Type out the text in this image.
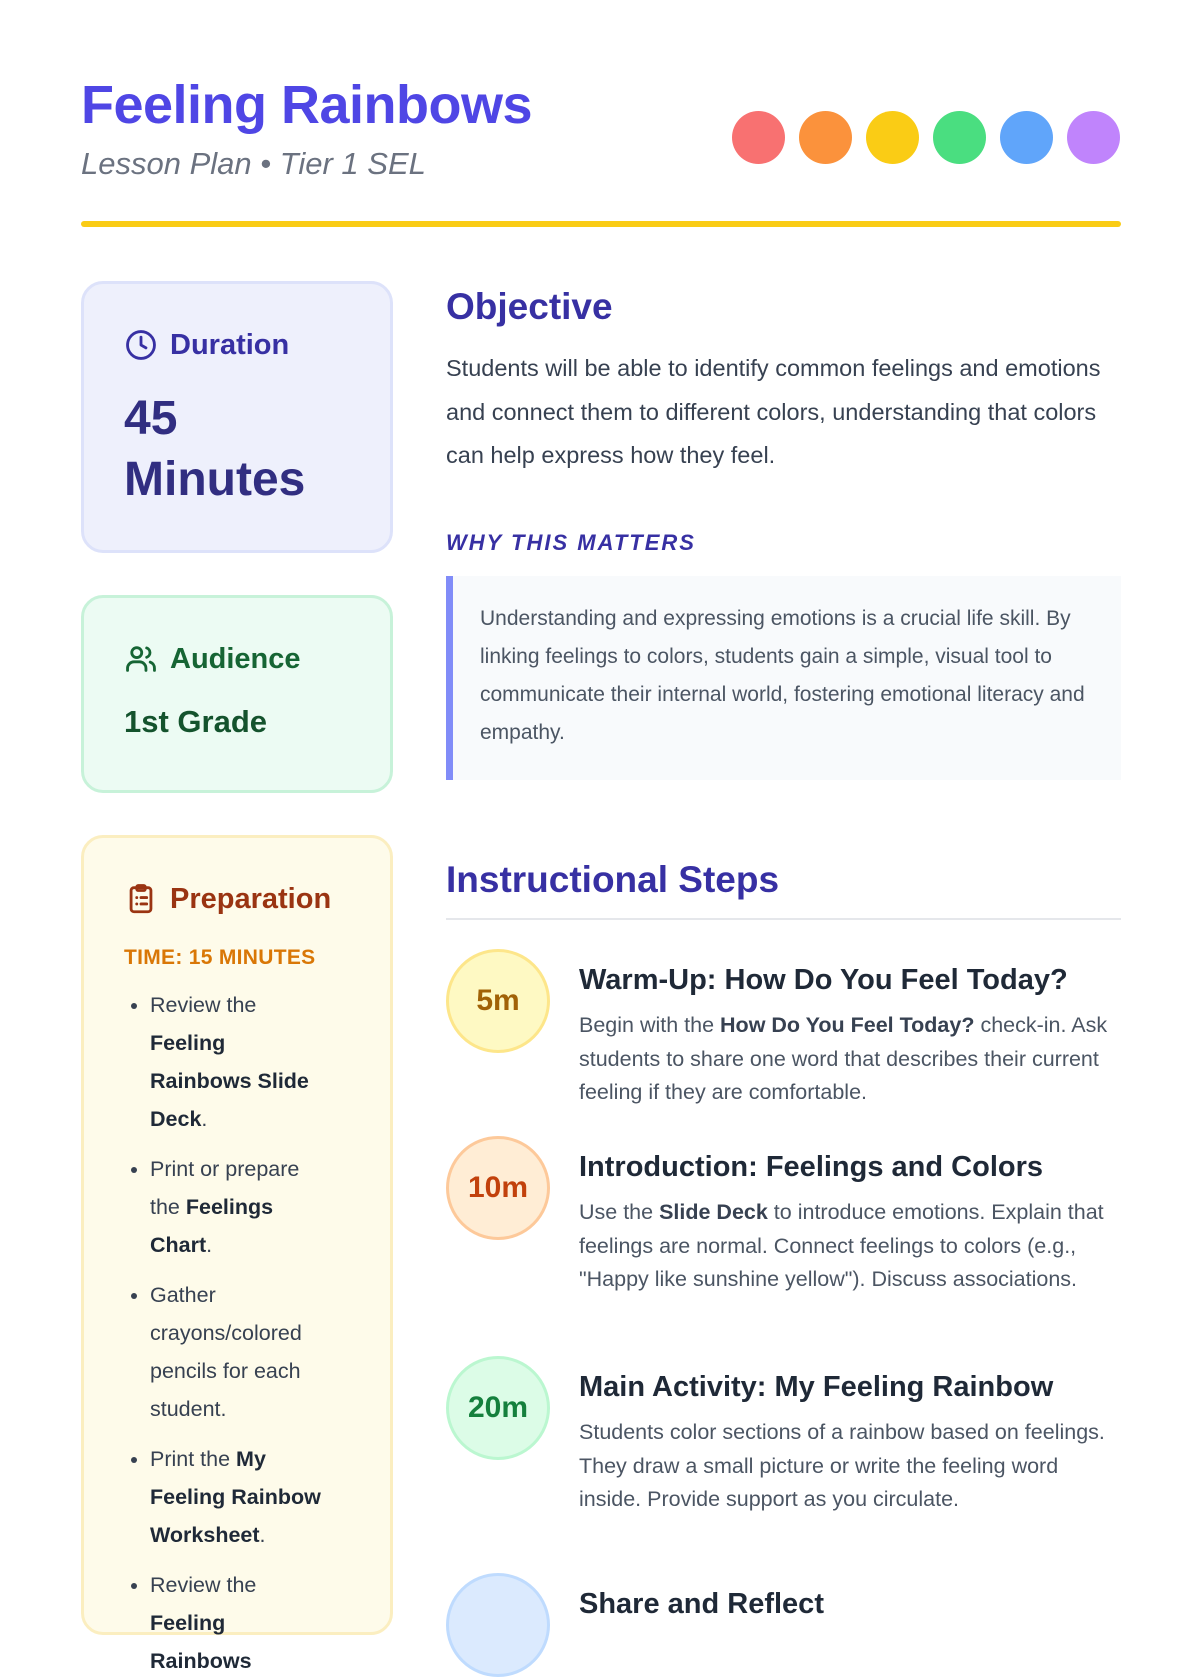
Feeling Rainbows
Lesson Plan • Tier 1 SEL
Duration
45 Minutes
Audience
1st Grade
Preparation
TIME: 15 MINUTES
• Review the Feeling Rainbows Slide Deck.
• Print or prepare the Feelings Chart.
• Gather crayons/colored pencils for each student.
• Print the My Feeling Rainbow Worksheet.
• Review the Feeling Rainbows
Objective
Students will be able to identify common feelings and emotions and connect them to different colors, understanding that colors can help express how they feel.
WHY THIS MATTERS
Understanding and expressing emotions is a crucial life skill. By linking feelings to colors, students gain a simple, visual tool to communicate their internal world, fostering emotional literacy and empathy.
Instructional Steps
5m
Warm-Up: How Do You Feel Today?
Begin with the How Do You Feel Today? check-in. Ask students to share one word that describes their current feeling if they are comfortable.
10m
Introduction: Feelings and Colors
Use the Slide Deck to introduce emotions. Explain that feelings are normal. Connect feelings to colors (e.g., "Happy like sunshine yellow"). Discuss associations.
20m
Main Activity: My Feeling Rainbow
Students color sections of a rainbow based on feelings. They draw a small picture or write the feeling word inside. Provide support as you circulate.
Share and Reflect
